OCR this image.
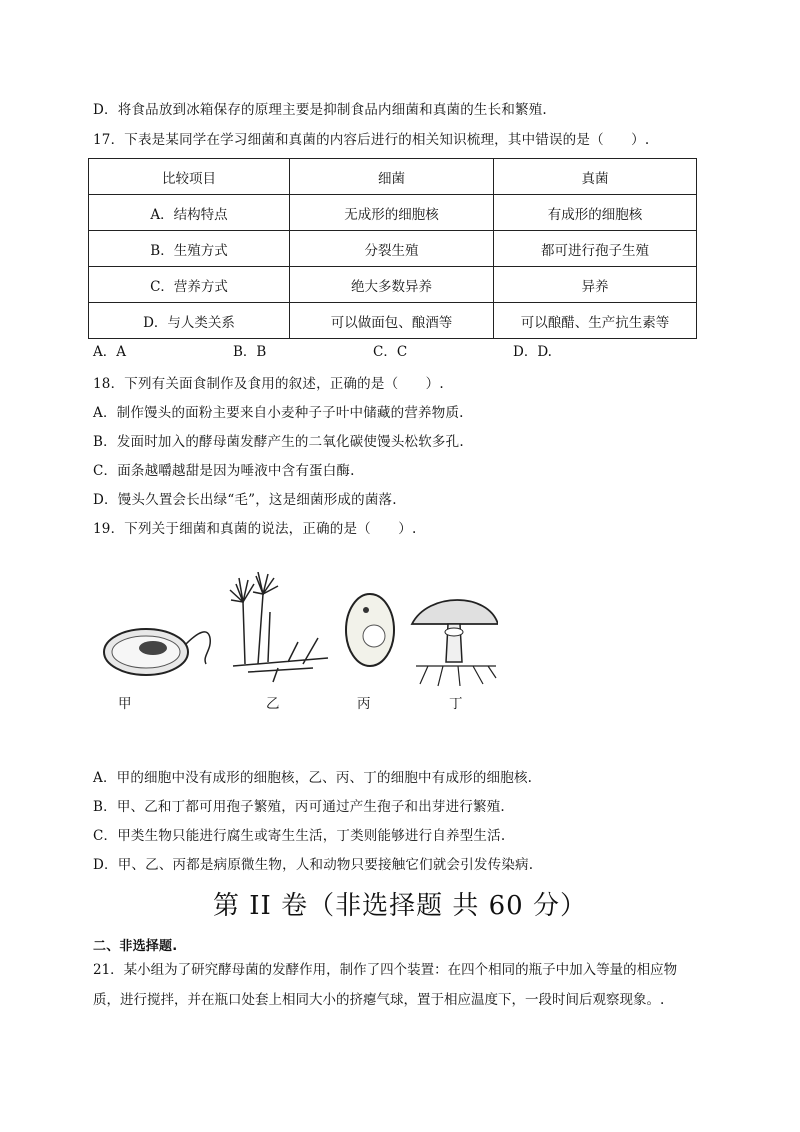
D．将食品放到冰箱保存的原理主要是抑制食品内细菌和真菌的生长和繁殖.
17．下表是某同学在学习细菌和真菌的内容后进行的相关知识梳理，其中错误的是（　　）.
比较项目	细菌	真菌
A．结构特点	无成形的细胞核	有成形的细胞核
B．生殖方式	分裂生殖	都可进行孢子生殖
C．营养方式	绝大多数异养	异养
D．与人类关系	可以做面包、酿酒等	可以酿醋、生产抗生素等
A．A	B．B	C．C	D．D.
18．下列有关面食制作及食用的叙述，正确的是（　　）.
A．制作馒头的面粉主要来自小麦种子子叶中储藏的营养物质.
B．发面时加入的酵母菌发酵产生的二氧化碳使馒头松软多孔.
C．面条越嚼越甜是因为唾液中含有蛋白酶.
D．馒头久置会长出绿“毛”，这是细菌形成的菌落.
19．下列关于细菌和真菌的说法，正确的是（　　）.
甲	乙	丙	丁
A．甲的细胞中没有成形的细胞核，乙、丙、丁的细胞中有成形的细胞核.
B．甲、乙和丁都可用孢子繁殖，丙可通过产生孢子和出芽进行繁殖.
C．甲类生物只能进行腐生或寄生生活，丁类则能够进行自养型生活.
D．甲、乙、丙都是病原微生物，人和动物只要接触它们就会引发传染病.
第 II 卷（非选择题 共 60 分）
二、非选择题.
21．某小组为了研究酵母菌的发酵作用，制作了四个装置：在四个相同的瓶子中加入等量的相应物质，进行搅拌，并在瓶口处套上相同大小的挤瘪气球，置于相应温度下，一段时间后观察现象。.
